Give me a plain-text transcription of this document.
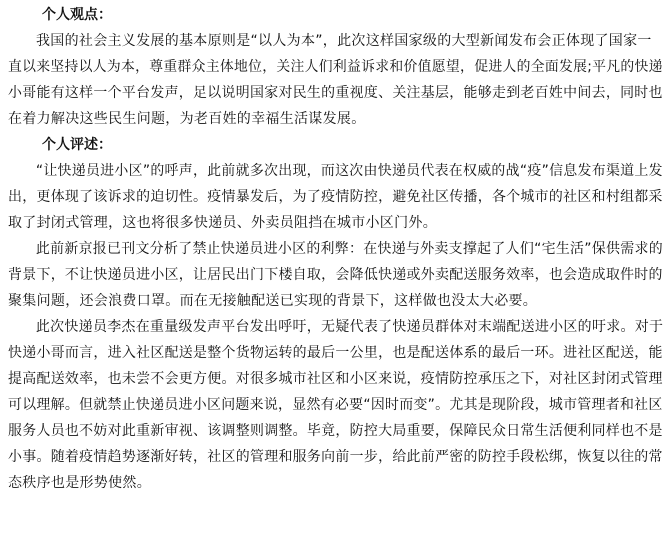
个人观点：
我国的社会主义发展的基本原则是“以人为本”，此次这样国家级的大型新闻发布会正体现了国家一
直以来坚持以人为本，尊重群众主体地位，关注人们利益诉求和价值愿望，促进人的全面发展;平凡的快递
小哥能有这样一个平台发声，足以说明国家对民生的重视度、关注基层，能够走到老百姓中间去，同时也
在着力解决这些民生问题，为老百姓的幸福生活谋发展。
个人评述：
“让快递员进小区”的呼声，此前就多次出现，而这次由快递员代表在权威的战“疫”信息发布渠道上发
出，更体现了该诉求的迫切性。疫情暴发后，为了疫情防控，避免社区传播，各个城市的社区和村组都采
取了封闭式管理，这也将很多快递员、外卖员阻挡在城市小区门外。
此前新京报已刊文分析了禁止快递员进小区的利弊：在快递与外卖支撑起了人们“宅生活”保供需求的
背景下，不让快递员进小区，让居民出门下楼自取，会降低快递或外卖配送服务效率，也会造成取件时的
聚集问题，还会浪费口罩。而在无接触配送已实现的背景下，这样做也没太大必要。
此次快递员李杰在重量级发声平台发出呼吁，无疑代表了快递员群体对末端配送进小区的吁求。对于
快递小哥而言，进入社区配送是整个货物运转的最后一公里，也是配送体系的最后一环。进社区配送，能
提高配送效率，也未尝不会更方便。对很多城市社区和小区来说，疫情防控承压之下，对社区封闭式管理
可以理解。但就禁止快递员进小区问题来说，显然有必要“因时而变”。尤其是现阶段，城市管理者和社区
服务人员也不妨对此重新审视、该调整则调整。毕竟，防控大局重要，保障民众日常生活便利同样也不是
小事。随着疫情趋势逐渐好转，社区的管理和服务向前一步，给此前严密的防控手段松绑，恢复以往的常
态秩序也是形势使然。
